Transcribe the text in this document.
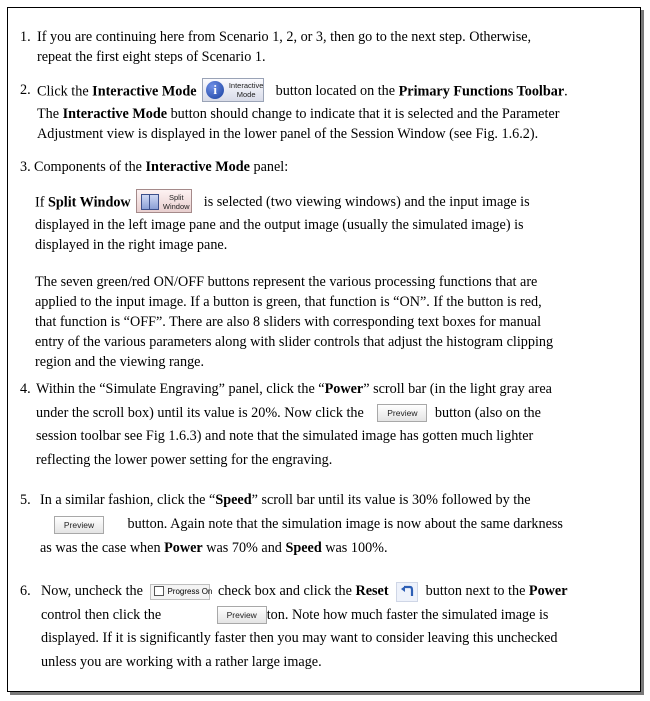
1. If you are continuing here from Scenario 1, 2, or 3, then go to the next step. Otherwise,
repeat the first eight steps of Scenario 1.
2. Click the Interactive Mode	i	Interactive
Mode	button located on the Primary Functions Toolbar.
The Interactive Mode button should change to indicate that it is selected and the Parameter
Adjustment view is displayed in the lower panel of the Session Window (see Fig. 1.6.2).
3. Components of the Interactive Mode panel:
If Split Window	Split
Window is selected (two viewing windows) and the input image is
displayed in the left image pane and the output image (usually the simulated image) is
displayed in the right image pane.
The seven green/red ON/OFF buttons represent the various processing functions that are
applied to the input image. If a button is green, that function is “ON”. If the button is red,
that function is “OFF”. There are also 8 sliders with corresponding text boxes for manual
entry of the various parameters along with slider controls that adjust the histogram clipping
region and the viewing range.
4. Within the “Simulate Engraving” panel, click the “Power” scroll bar (in the light gray area
under the scroll box) until its value is 20%. Now click the	Preview button (also on the
session toolbar see Fig 1.6.3) and note that the simulated image has gotten much lighter
reflecting the lower power setting for the engraving.
5. In a similar fashion, click the “Speed” scroll bar until its value is 30% followed by the
Preview button. Again note that the simulation image is now about the same darkness
as was the case when Power was 70% and Speed was 100%.
6. Now, uncheck the	Progress On check box and click the Reset	button next to the Power
control then click the	Preview ton. Note how much faster the simulated image is
displayed. If it is significantly faster then you may want to consider leaving this unchecked
unless you are working with a rather large image.
